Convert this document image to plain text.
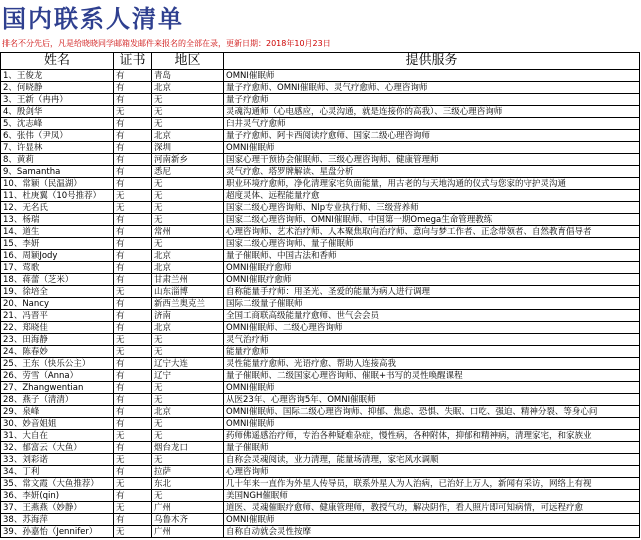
国内联系人清单

排名不分先后，凡是给晓晓同学邮箱发邮件来报名的全部在录，更新日期：2018年10月23日

姓名	证书	地区	提供服务
1、王俊龙	有	青岛	OMNI催眠师
2、何晓静	有	北京	量子疗愈师、OMNI催眠师、灵气疗愈师、心理咨询师
3、王新（冉冉）	有	无	量子疗愈师
4、殷剑华	无	无	灵魂沟通师（心电感应，心灵沟通，就是连接你的高我）、三级心理咨询师
5、沈志峰	有	无	臼井灵气疗愈师
6、张伟（尹凤）	有	北京	量子疗愈师、阿卡西阅读疗愈师、国家二级心理咨询师
7、许显林	有	深圳	OMNI催眠师
8、黄莉	有	河南新乡	国家心理干预协会催眠师、三级心理咨询师、健康管理师
9、Samantha	有	悉尼	灵气疗愈、塔罗牌解读、星盘分析
10、常颖（民温湖）	有	无	职业环境疗愈师，净化清理家宅负面能量，用古老的与天地沟通的仪式与您家的守护灵沟通
11、杜庚翼（10号推荐）	无	无	超度灵体、远程能量疗愈
12、无名氏	无	无	国家二级心理咨询师、Nlp专业执行师、三级营养师
13、杨瑞	有	无	国家二级心理咨询师、OMNI催眠师、中国第一期Omega生命管理教练
14、道生	有	常州	心理咨询师、艺术治疗师、人本聚焦取向治疗师、意向与梦工作者、正念带领者、自然教育倡导者
15、李妍	有	无	国家二级心理咨询师、量子催眠师
16、周颖Jody	有	北京	量子催眠师、中国古法和香师
17、莺歌	有	北京	OMNI催眠疗愈师
18、蒋蕾（芝米）	有	甘肃兰州	OMNI催眠疗愈师
19、徐培全	无	山东淄博	自称能量手疗师：用圣光、圣爱的能量为病人进行调理
20、Nancy	有	新西兰奥克兰	国际二级量子催眠师
21、冯晋平	有	济南	全国工商联高级能量疗愈师、世气会会员
22、郑晓佳	有	北京	OMNI催眠师、二级心理咨询师
23、田海静	无	无	灵气治疗师
24、陈春妙	无	无	能量疗愈师
25、王东（快乐公主）	有	辽宁大连	灵性能量疗愈师、光语疗愈、帮助人连接高我
26、劳雪（Anna）	有	辽宁	量子催眠师、二级国家心理咨询师、催眠+书写的灵性唤醒课程
27、Zhangwentian	有	无	OMNI催眠师
28、燕子（清清）	有	无	从医23年、心理咨询5年、OMNI催眠师
29、泉峰	有	北京	OMNI催眠师、国际二级心理咨询师、抑郁、焦虑、恐惧、失眠、口吃、强迫、精神分裂、等身心问
30、妙音姐姐	有	无	OMNI催眠师
31、大自在	无	无	药师佛遥感治疗师，专治各种疑难杂症，慢性病，各种附体，抑郁和精神病，清理家宅，和家族业
32、郁富云（大鱼）	有	烟台龙口	量子催眠师
33、刘彩诺	无	无	自称会灵魂阅读，业力清理，能量场清理，家宅风水调顺
34、丁利	有	拉萨	心理咨询师
35、常文霞（大鱼推荐）	无	东北	几十年来一直作为外星人传导员，联系外星人为人治病，已治好上万人，新闻有采访，网络上有视
36、李妍(qin)	有	无	美国NGH催眠师
37、王燕燕（妙静）	无	广州	道医、灵魂催眠疗愈师、健康管理师，教授气功，解决阴作，看人照片即可知病情，可远程疗愈
38、苏海萍	有	乌鲁木齐	OMNI催眠师
39、孙嘉怡（Jennifer）	无	广州	自称自动就会灵性按摩
